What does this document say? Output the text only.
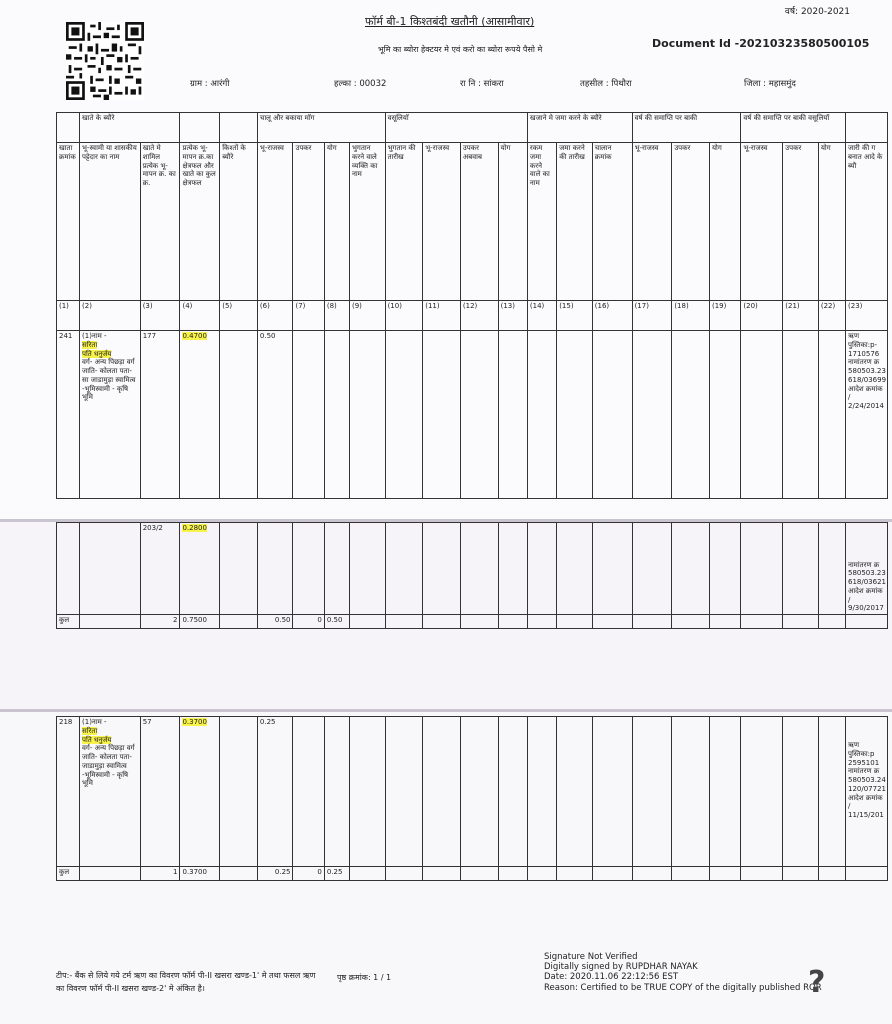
वर्ष: 2020-2021
फॉर्म बी-1 किश्तबंदी खतौनी (आसामीवार)
भूमि का ब्योरा हेक्टयर मे एवं करो का ब्योरा रूपये पैसो मे	Document Id -20210323580500105
ग्राम : आरंगी	हल्का : 00032	रा नि : सांकरा	तहसील : पिथौरा	जिला : महासमुंद
	खाते के ब्यौरे				चालू और बकाया मॉग				वसूलियॉ				खजाने मे जमा करने के ब्यौरे			वर्ष की समाप्ति पर बाकी			वर्ष की समाप्ति पर बाकी वसूलियॉ			
खाता क्रमांक	भू-स्वामी या शासकीय पट्टेदार का नाम	खाते मे शामिल प्रत्येक भू-मापन क्र. का क्र.	प्रत्येक भू-मापन क्र.का क्षेत्रफल और खाते का कुल क्षेत्रफल	किश्तों के ब्यौरे	भू-राजस्व	उपकर	योग	भुगतान करने वाले व्यक्ति का नाम	भुगतान की तारीख	भू-राजस्व	उपकर अबवाब	योग	रकम जमा करने वाले का नाम	जमा करने की तारीख	चालान क्रमांक	भू-राजस्व	उपकर	योग	भू-राजस्व	उपकर	योग	जारी की ग बनात आदे के ब्यौ
(1)	(2)	(3)	(4)	(5)	(6)	(7)	(8)	(9)	(10)	(11)	(12)	(13)	(14)	(15)	(16)	(17)	(18)	(19)	(20)	(21)	(22)	(23)
241	(1)नाम -
सरिता
पति धनुर्जय
वर्ग- अन्य पिछड़ा वर्ग जाति- कोलता पता- सा जाडामुड़ा स्वामित्व -भूमिस्वामी - कृषि भूमि	177	0.4700		0.50																	ऋण पुस्तिका:p-1710576 नामांतरण क्र 580503.23 618/03699 आदेश क्रमांक / 2/24/2014
		203/2	0.2800																			नामांतरण क्र 580503.23 618/03621 आदेश क्रमांक / 9/30/2017

कुल		2	0.7500		0.50	0	0.50															
218	(1)नाम -
सरिता
पति धनुर्जय
वर्ग- अन्य पिछड़ा वर्ग जाति- कोलता पता- जाडामुड़ा स्वामित्व -भूमिस्वामी - कृषि भूमि	57	0.3700		0.25																	ऋण पुस्तिका:p 2595101 नामांतरण क्र 580503.24 120/07721 आदेश क्रमांक / 11/15/201

कुल		1	0.3700		0.25	0	0.25															
टीप:- बैंक से लिये गये टर्म ऋण का विवरण फॉर्म पी-II खसरा खण्ड-1' मे तथा फसल ऋण का विवरण फॉर्म पी-II खसरा खण्ड-2' मे अंकित है।
पृष्ठ क्रमांक: 1 / 1
Signature Not Verified
Digitally signed by RUPDHAR NAYAK
Date: 2020.11.06 22:12:56 EST
Reason: Certified to be TRUE COPY of the digitally published ROR
?
